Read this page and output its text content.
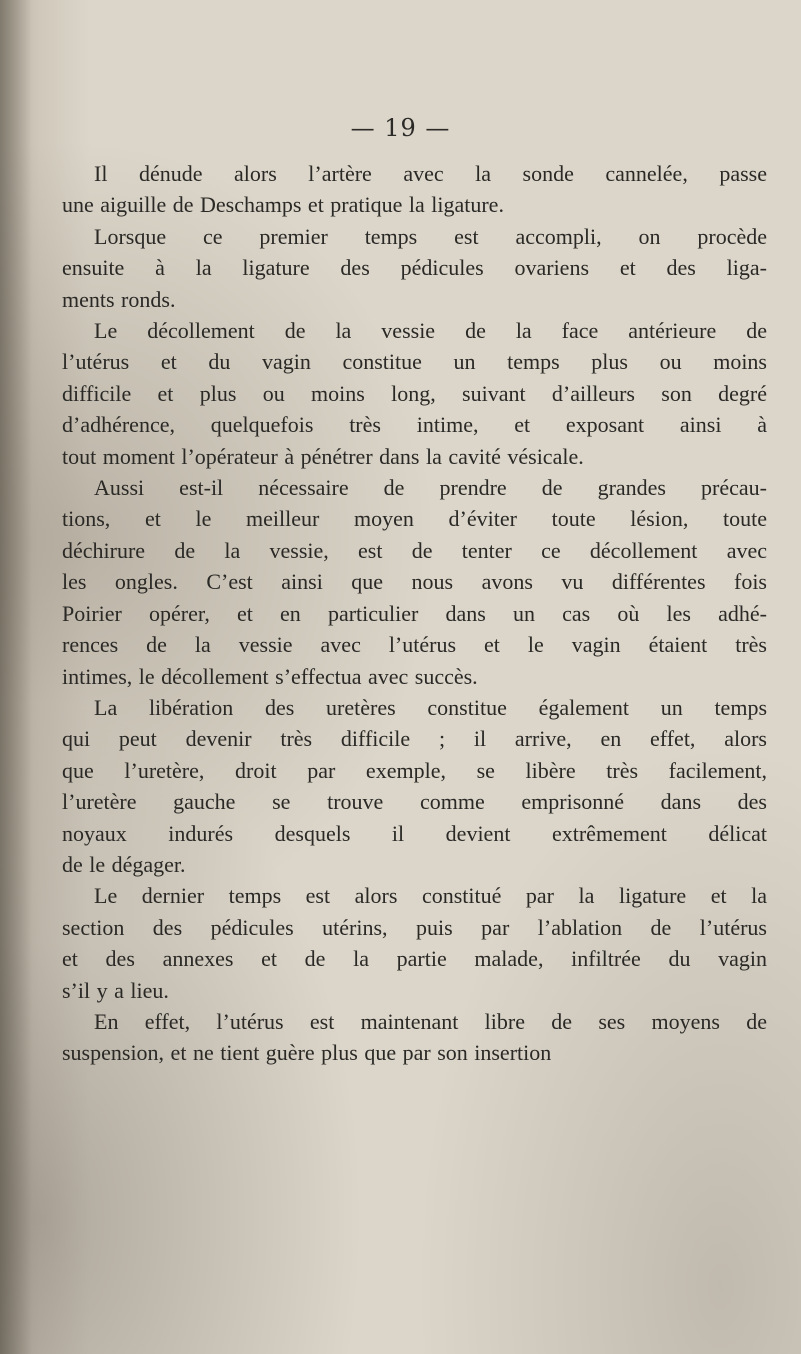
— 19 —
Il dénude alors l’artère avec la sonde cannelée, passe
une aiguille de Deschamps et pratique la ligature.
Lorsque ce premier temps est accompli, on procède
ensuite à la ligature des pédicules ovariens et des liga-
ments ronds.
Le décollement de la vessie de la face antérieure de
l’utérus et du vagin constitue un temps plus ou moins
difficile et plus ou moins long, suivant d’ailleurs son degré
d’adhérence, quelquefois très intime, et exposant ainsi à
tout moment l’opérateur à pénétrer dans la cavité vésicale.
Aussi est-il nécessaire de prendre de grandes précau-
tions, et le meilleur moyen d’éviter toute lésion, toute
déchirure de la vessie, est de tenter ce décollement avec
les ongles. C’est ainsi que nous avons vu différentes fois
Poirier opérer, et en particulier dans un cas où les adhé-
rences de la vessie avec l’utérus et le vagin étaient très
intimes, le décollement s’effectua avec succès.
La libération des uretères constitue également un temps
qui peut devenir très difficile ; il arrive, en effet, alors
que l’uretère, droit par exemple, se libère très facilement,
l’uretère gauche se trouve comme emprisonné dans des
noyaux indurés desquels il devient extrêmement délicat
de le dégager.
Le dernier temps est alors constitué par la ligature et la
section des pédicules utérins, puis par l’ablation de l’utérus
et des annexes et de la partie malade, infiltrée du vagin
s’il y a lieu.
En effet, l’utérus est maintenant libre de ses moyens de
suspension, et ne tient guère plus que par son insertion
